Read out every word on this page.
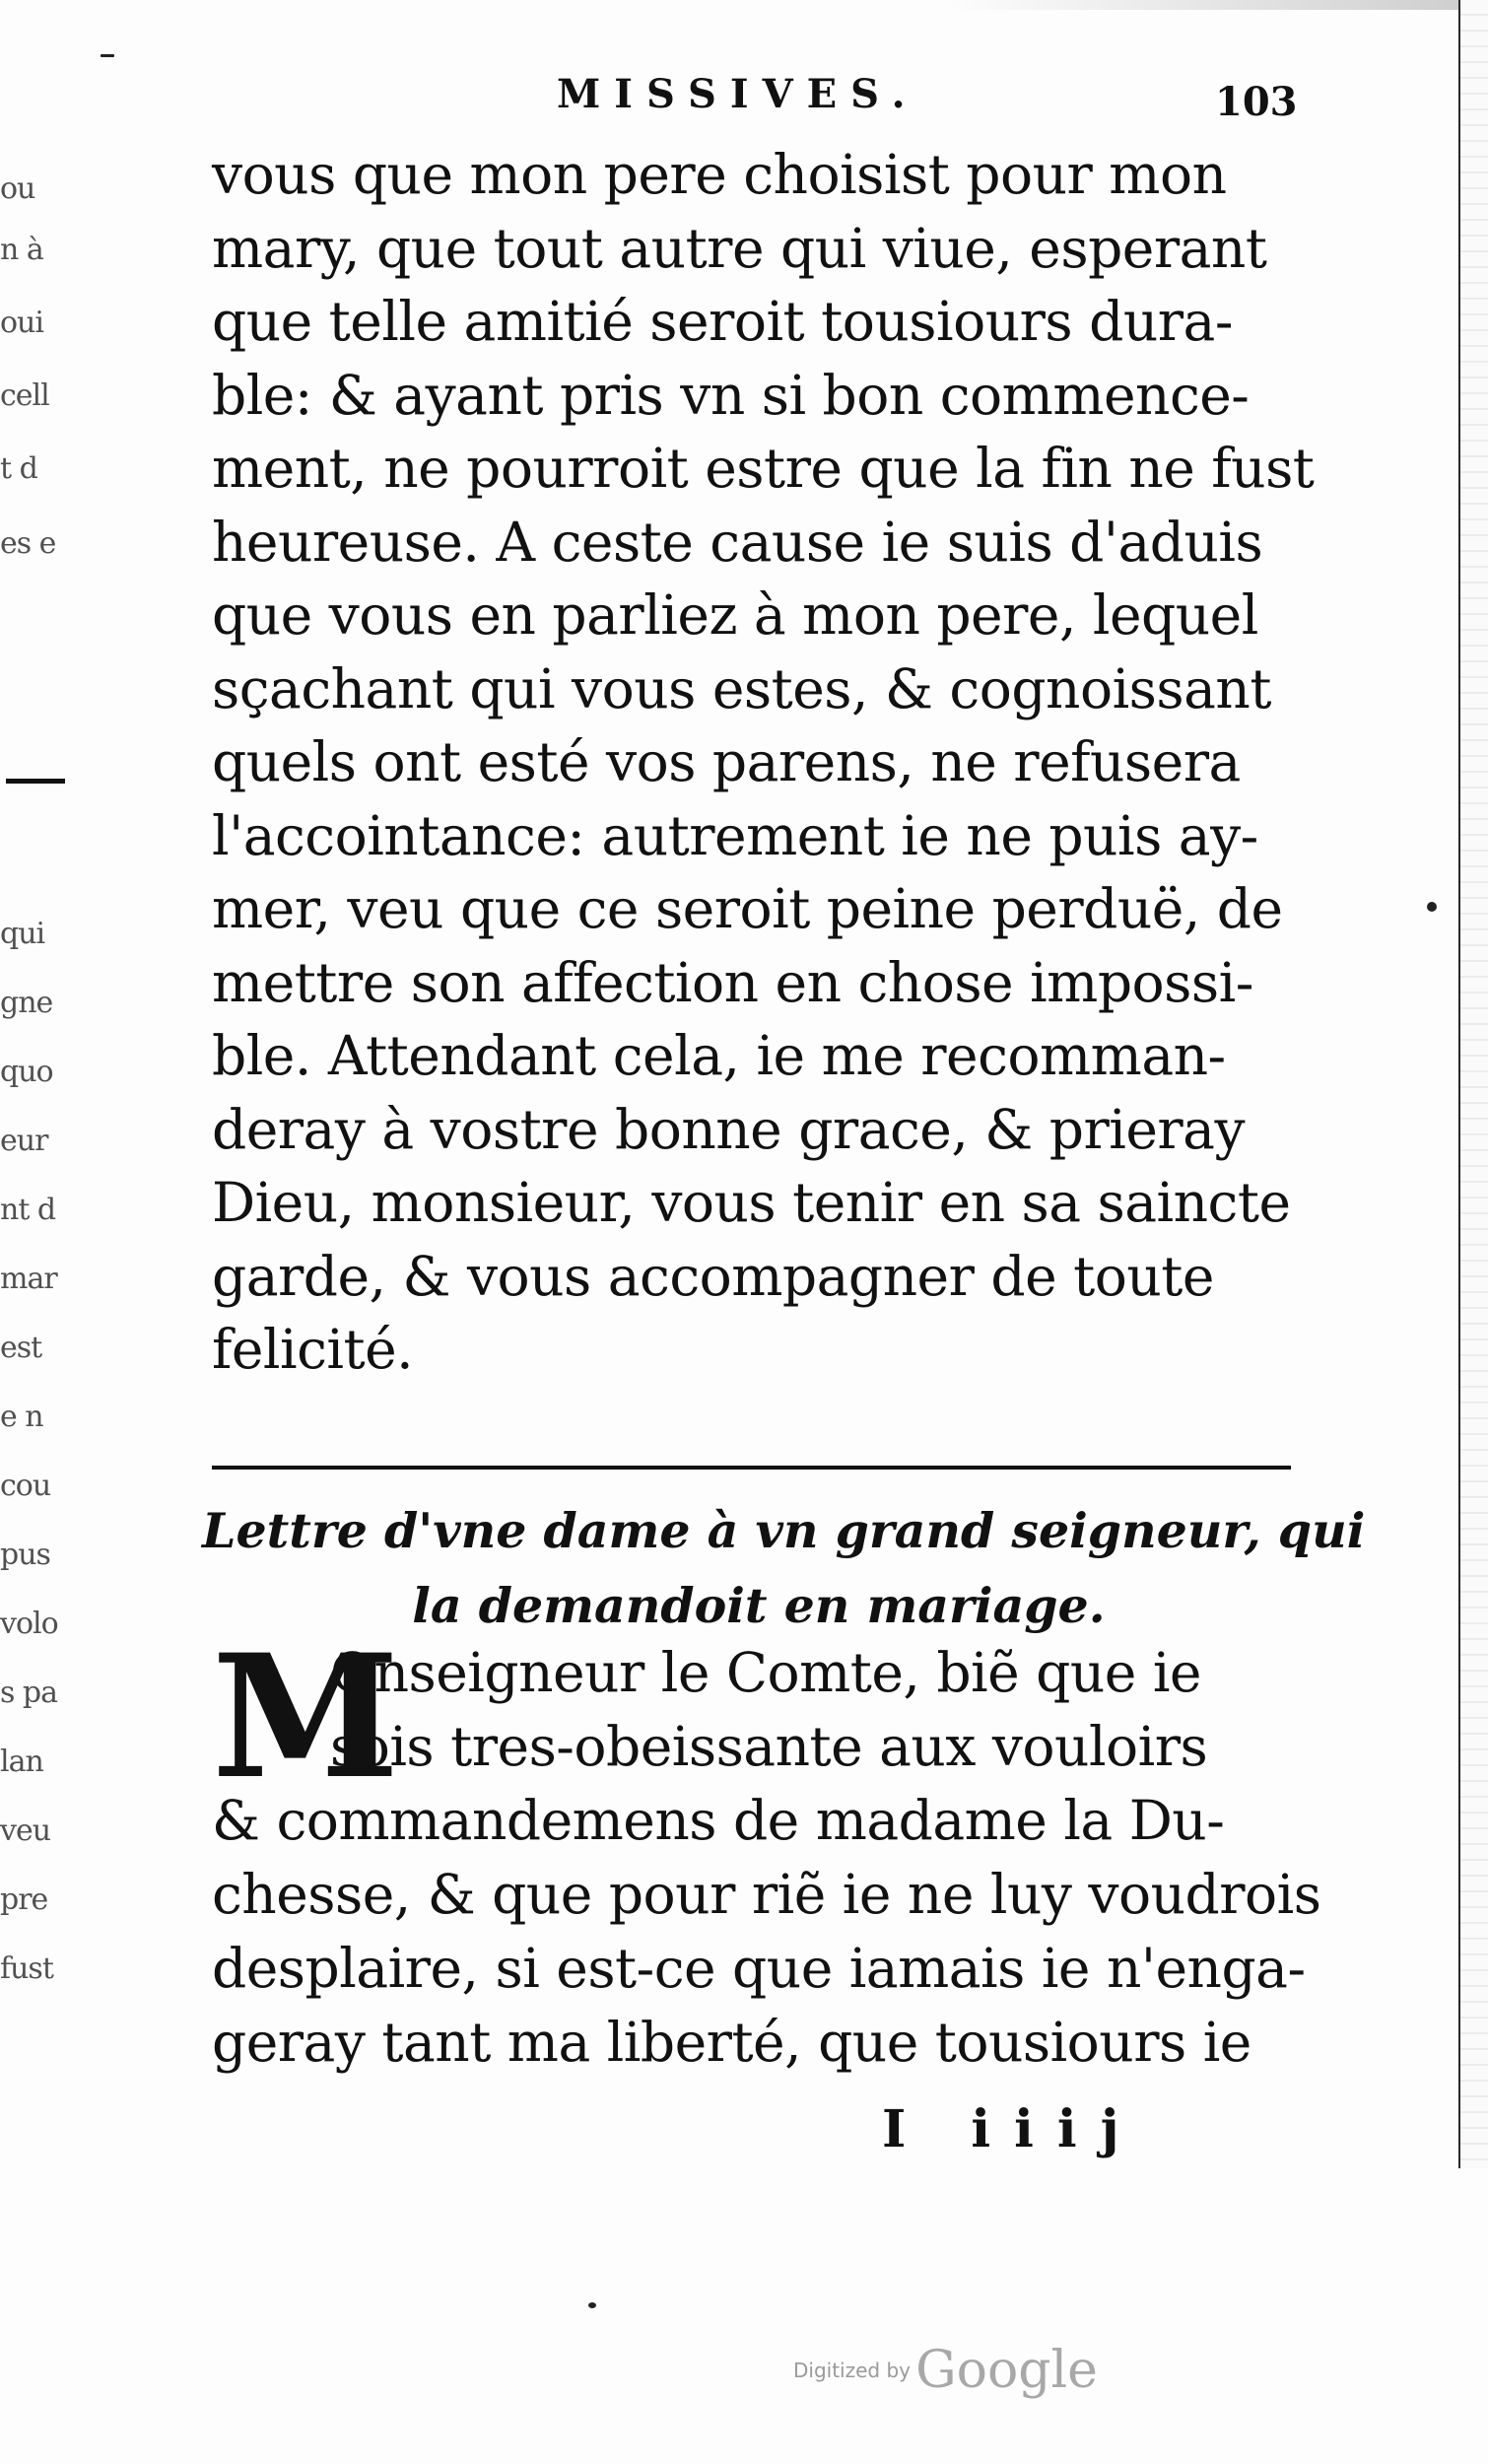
ou
n à
oui
cell
t d
es e
qui
gne
quo
eur
nt d
mar
est
e n
cou
pus
volo
s pa
lan
veu
pre
fust
MISSIVES.	103
vous que mon pere choisist pour mon
mary, que tout autre qui viue, esperant
que telle amitié seroit tousiours dura-
ble: & ayant pris vn si bon commence-
ment, ne pourroit estre que la fin ne fust
heureuse. A ceste cause ie suis d'aduis
que vous en parliez à mon pere, lequel
sçachant qui vous estes, & cognoissant
quels ont esté vos parens, ne refusera
l'accointance: autrement ie ne puis ay-
mer, veu que ce seroit peine perduë, de
mettre son affection en chose impossi-
ble. Attendant cela, ie me recomman-
deray à vostre bonne grace, & prieray
Dieu, monsieur, vous tenir en sa saincte
garde, & vous accompagner de toute
felicité.
Lettre d'vne dame à vn grand seigneur, qui
la demandoit en mariage.
M
Onseigneur le Comte, biẽ que ie
sois tres-obeissante aux vouloirs
& commandemens de madame la Du-
chesse, & que pour riẽ ie ne luy voudrois
desplaire, si est-ce que iamais ie n'enga-
geray tant ma liberté, que tousiours ie
I iiij
Digitized by Google
